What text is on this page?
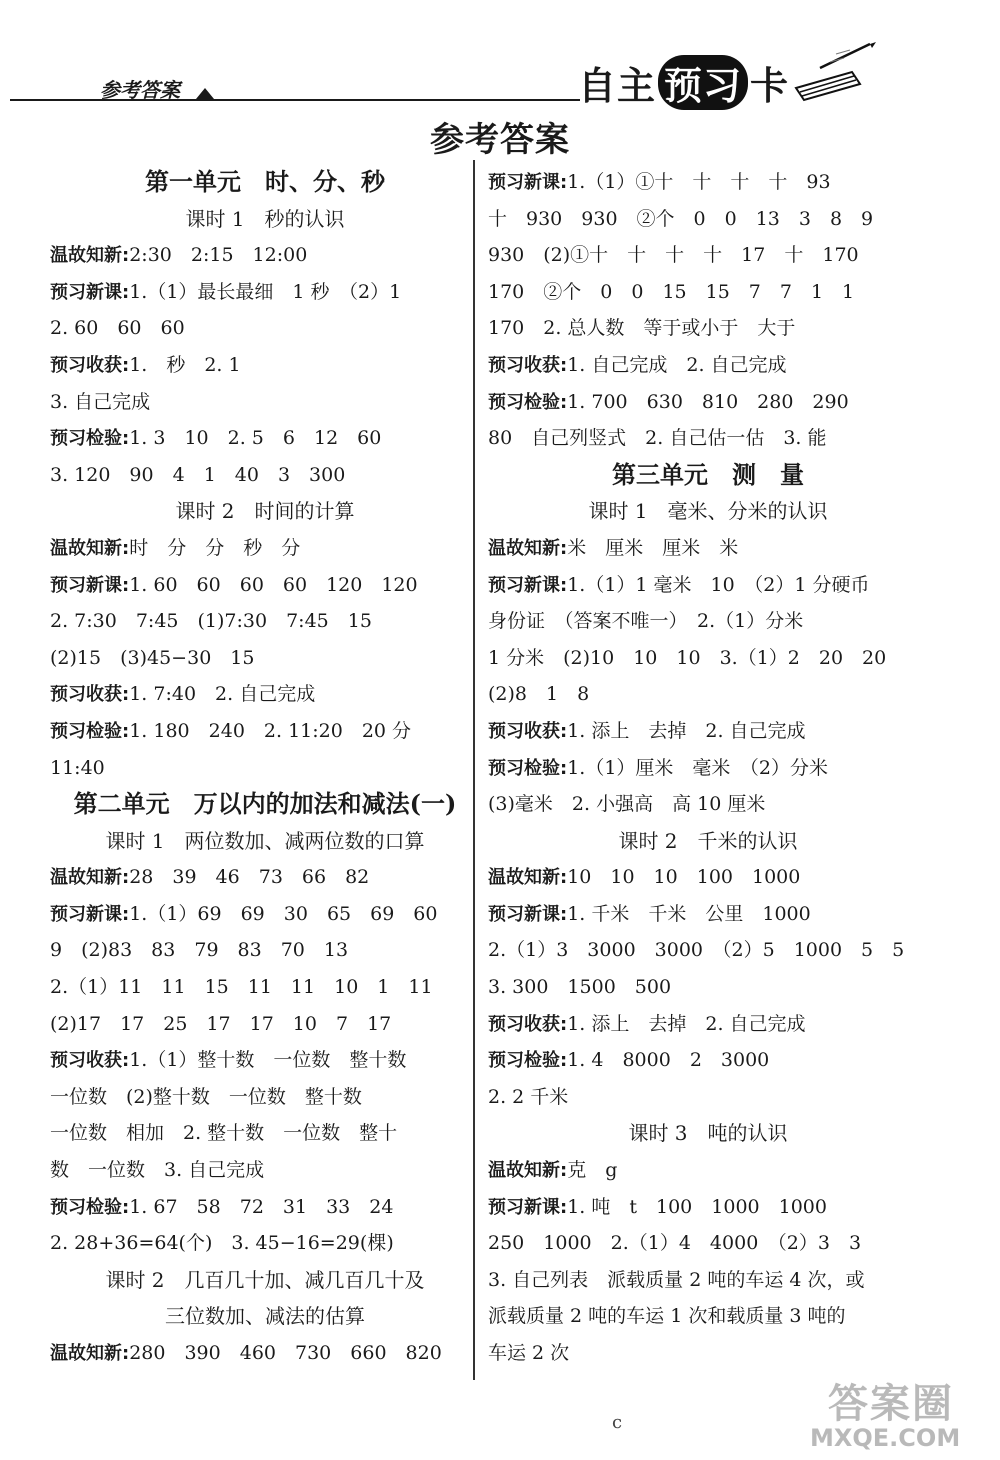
参考答案	自主 预习 卡
参考答案
第一单元　时、分、秒
课时 1　秒的认识
温故知新:2:30　2:15　12:00
预习新课:1.（1）最长最细　1 秒　（2）1
2. 60　60　60
预习收获:1.　秒　2. 1
3. 自己完成
预习检验:1. 3　10　2. 5　6　12　60
3. 120　90　4　1　40　3　300
课时 2　时间的计算
温故知新:时　分　分　秒　分
预习新课:1. 60　60　60　60　120　120
2. 7:30　7:45　(1)7:30　7:45　15
(2)15　(3)45−30　15
预习收获:1. 7:40　2. 自己完成
预习检验:1. 180　240　2. 11:20　20 分
11:40
第二单元　万以内的加法和减法(一)
课时 1　两位数加、减两位数的口算
温故知新:28　39　46　73　66　82
预习新课:1.（1）69　69　30　65　69　60
9　(2)83　83　79　83　70　13
2.（1）11　11　15　11　11　10　1　11
(2)17　17　25　17　17　10　7　17
预习收获:1.（1）整十数　一位数　整十数
一位数　(2)整十数　一位数　整十数
一位数　相加　2. 整十数　一位数　整十
数　一位数　3. 自己完成
预习检验:1. 67　58　72　31　33　24
2. 28+36=64(个)　3. 45−16=29(棵)
课时 2　几百几十加、减几百几十及
三位数加、减法的估算
温故知新:280　390　460　730　660　820
预习新课:1.（1）①十　十　十　十　93
十　930　930　②个　0　0　13　3　8　9
930　(2)①十　十　十　十　17　十　170
170　②个　0　0　15　15　7　7　1　1
170　2. 总人数　等于或小于　大于
预习收获:1. 自己完成　2. 自己完成
预习检验:1. 700　630　810　280　290
80　自己列竖式　2. 自己估一估　3. 能
第三单元　测　量
课时 1　毫米、分米的认识
温故知新:米　厘米　厘米　米
预习新课:1.（1）1 毫米　10　（2）1 分硬币
身份证　（答案不唯一）　2.（1）分米
1 分米　(2)10　10　10　3.（1）2　20　20
(2)8　1　8
预习收获:1. 添上　去掉　2. 自己完成
预习检验:1.（1）厘米　毫米　（2）分米
(3)毫米　2. 小强高　高 10 厘米
课时 2　千米的认识
温故知新:10　10　10　100　1000
预习新课:1. 千米　千米　公里　1000
2.（1）3　3000　3000　（2）5　1000　5　5
3. 300　1500　500
预习收获:1. 添上　去掉　2. 自己完成
预习检验:1. 4　8000　2　3000
2. 2 千米
课时 3　吨的认识
温故知新:克　g
预习新课:1. 吨　t　100　1000　1000
250　1000　2.（1）4　4000　（2）3　3
3. 自己列表　派载质量 2 吨的车运 4 次，或
派载质量 2 吨的车运 1 次和载质量 3 吨的
车运 2 次
c	答案圈
MXQE.COM
